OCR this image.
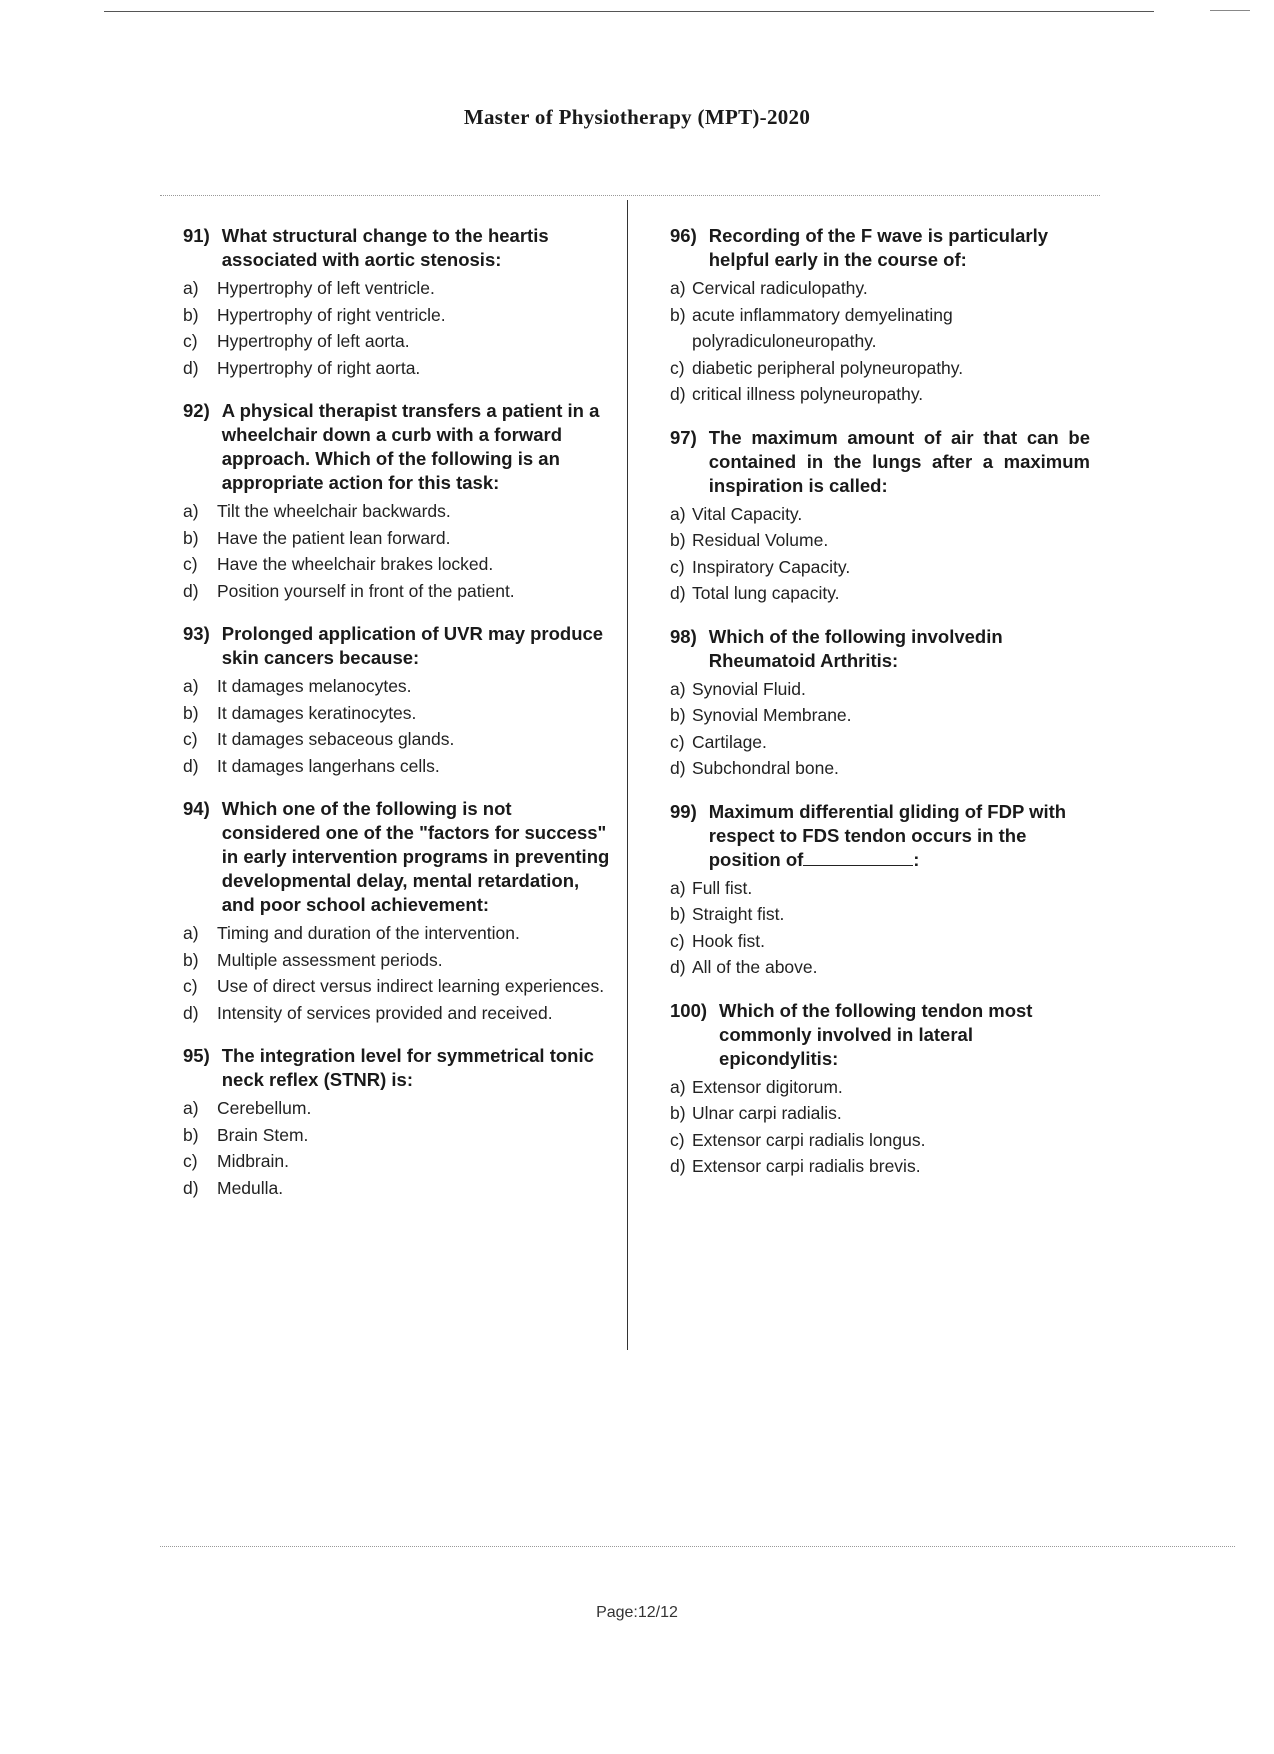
Master of Physiotherapy (MPT)-2020
91) What structural change to the heartis associated with aortic stenosis:
a)	Hypertrophy of left ventricle.
b)	Hypertrophy of right ventricle.
c)	Hypertrophy of left aorta.
d)	Hypertrophy of right aorta.
92) A physical therapist transfers a patient in a wheelchair down a curb with a forward approach. Which of the following is an appropriate action for this task:
a)	Tilt the wheelchair backwards.
b)	Have the patient lean forward.
c)	Have the wheelchair brakes locked.
d)	Position yourself in front of the patient.
93) Prolonged application of UVR may produce skin cancers because:
a)	It damages melanocytes.
b)	It damages keratinocytes.
c)	It damages sebaceous glands.
d)	It damages langerhans cells.
94) Which one of the following is not considered one of the "factors for success" in early intervention programs in preventing developmental delay, mental retardation, and poor school achievement:
a)	Timing and duration of the intervention.
b)	Multiple assessment periods.
c)	Use of direct versus indirect learning experiences.
d)	Intensity of services provided and received.
95) The integration level for symmetrical tonic neck reflex (STNR) is:
a)	Cerebellum.
b)	Brain Stem.
c)	Midbrain.
d)	Medulla.
96) Recording of the F wave is particularly helpful early in the course of:
a) Cervical radiculopathy.
b) acute inflammatory demyelinating polyradiculoneuropathy.
c) diabetic peripheral polyneuropathy.
d) critical illness polyneuropathy.
97) The maximum amount of air that can be contained in the lungs after a maximum inspiration is called:
a) Vital Capacity.
b) Residual Volume.
c) Inspiratory Capacity.
d) Total lung capacity.
98) Which of the following involvedin Rheumatoid Arthritis:
a) Synovial Fluid.
b) Synovial Membrane.
c) Cartilage.
d) Subchondral bone.
99) Maximum differential gliding of FDP with respect to FDS tendon occurs in the position of	:
a) Full fist.
b) Straight fist.
c) Hook fist.
d) All of the above.
100) Which of the following tendon most commonly involved in lateral epicondylitis:
a) Extensor digitorum.
b) Ulnar carpi radialis.
c) Extensor carpi radialis longus.
d) Extensor carpi radialis brevis.
Page:12/12
